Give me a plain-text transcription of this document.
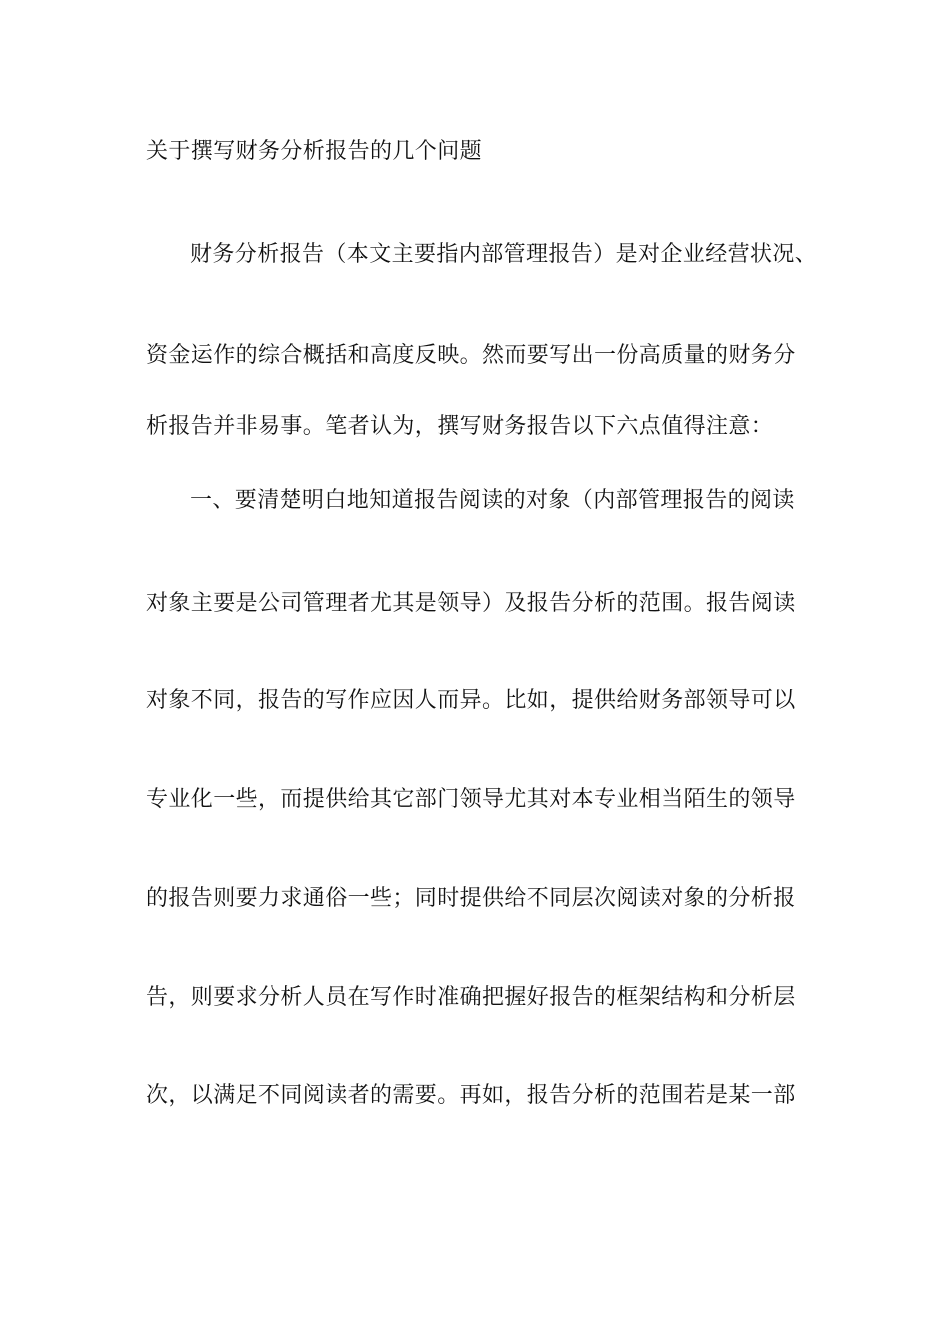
关于撰写财务分析报告的几个问题
财务分析报告（本文主要指内部管理报告）是对企业经营状况、
资金运作的综合概括和高度反映。然而要写出一份高质量的财务分
析报告并非易事。笔者认为，撰写财务报告以下六点值得注意：
一、要清楚明白地知道报告阅读的对象（内部管理报告的阅读
对象主要是公司管理者尤其是领导）及报告分析的范围。报告阅读
对象不同，报告的写作应因人而异。比如，提供给财务部领导可以
专业化一些，而提供给其它部门领导尤其对本专业相当陌生的领导
的报告则要力求通俗一些；同时提供给不同层次阅读对象的分析报
告，则要求分析人员在写作时准确把握好报告的框架结构和分析层
次，以满足不同阅读者的需要。再如，报告分析的范围若是某一部
